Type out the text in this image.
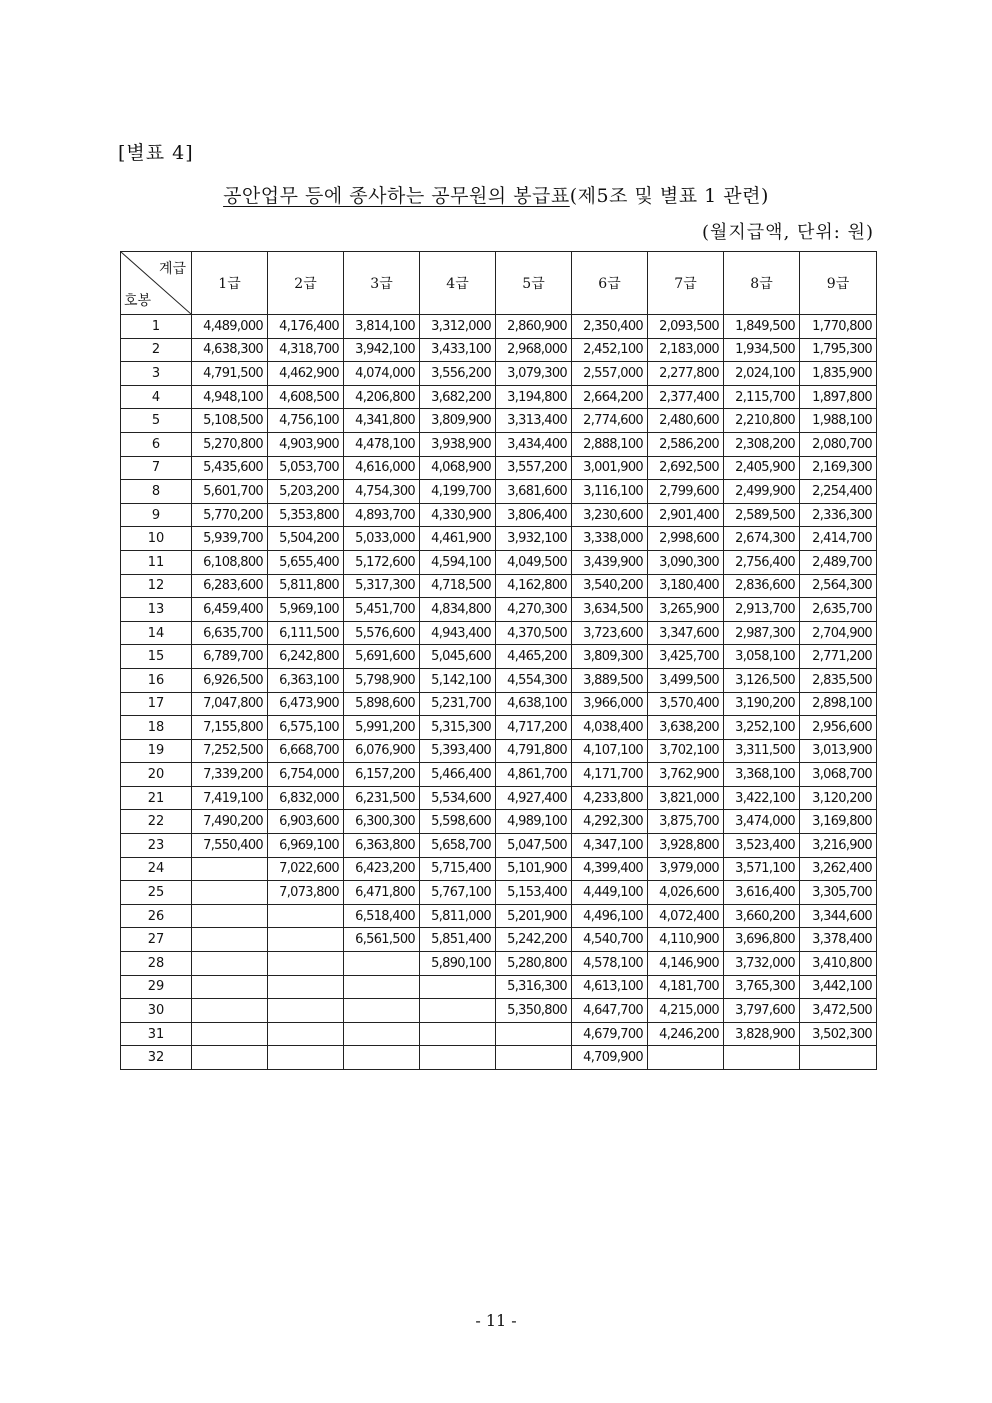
[별표 4]
공안업무 등에 종사하는 공무원의 봉급표(제5조 및 별표 1 관련)
(월지급액, 단위: 원)
계급
호봉	1급	2급	3급	4급	5급	6급	7급	8급	9급
1	4,489,000	4,176,400	3,814,100	3,312,000	2,860,900	2,350,400	2,093,500	1,849,500	1,770,800
2	4,638,300	4,318,700	3,942,100	3,433,100	2,968,000	2,452,100	2,183,000	1,934,500	1,795,300
3	4,791,500	4,462,900	4,074,000	3,556,200	3,079,300	2,557,000	2,277,800	2,024,100	1,835,900
4	4,948,100	4,608,500	4,206,800	3,682,200	3,194,800	2,664,200	2,377,400	2,115,700	1,897,800
5	5,108,500	4,756,100	4,341,800	3,809,900	3,313,400	2,774,600	2,480,600	2,210,800	1,988,100
6	5,270,800	4,903,900	4,478,100	3,938,900	3,434,400	2,888,100	2,586,200	2,308,200	2,080,700
7	5,435,600	5,053,700	4,616,000	4,068,900	3,557,200	3,001,900	2,692,500	2,405,900	2,169,300
8	5,601,700	5,203,200	4,754,300	4,199,700	3,681,600	3,116,100	2,799,600	2,499,900	2,254,400
9	5,770,200	5,353,800	4,893,700	4,330,900	3,806,400	3,230,600	2,901,400	2,589,500	2,336,300
10	5,939,700	5,504,200	5,033,000	4,461,900	3,932,100	3,338,000	2,998,600	2,674,300	2,414,700
11	6,108,800	5,655,400	5,172,600	4,594,100	4,049,500	3,439,900	3,090,300	2,756,400	2,489,700
12	6,283,600	5,811,800	5,317,300	4,718,500	4,162,800	3,540,200	3,180,400	2,836,600	2,564,300
13	6,459,400	5,969,100	5,451,700	4,834,800	4,270,300	3,634,500	3,265,900	2,913,700	2,635,700
14	6,635,700	6,111,500	5,576,600	4,943,400	4,370,500	3,723,600	3,347,600	2,987,300	2,704,900
15	6,789,700	6,242,800	5,691,600	5,045,600	4,465,200	3,809,300	3,425,700	3,058,100	2,771,200
16	6,926,500	6,363,100	5,798,900	5,142,100	4,554,300	3,889,500	3,499,500	3,126,500	2,835,500
17	7,047,800	6,473,900	5,898,600	5,231,700	4,638,100	3,966,000	3,570,400	3,190,200	2,898,100
18	7,155,800	6,575,100	5,991,200	5,315,300	4,717,200	4,038,400	3,638,200	3,252,100	2,956,600
19	7,252,500	6,668,700	6,076,900	5,393,400	4,791,800	4,107,100	3,702,100	3,311,500	3,013,900
20	7,339,200	6,754,000	6,157,200	5,466,400	4,861,700	4,171,700	3,762,900	3,368,100	3,068,700
21	7,419,100	6,832,000	6,231,500	5,534,600	4,927,400	4,233,800	3,821,000	3,422,100	3,120,200
22	7,490,200	6,903,600	6,300,300	5,598,600	4,989,100	4,292,300	3,875,700	3,474,000	3,169,800
23	7,550,400	6,969,100	6,363,800	5,658,700	5,047,500	4,347,100	3,928,800	3,523,400	3,216,900
24		7,022,600	6,423,200	5,715,400	5,101,900	4,399,400	3,979,000	3,571,100	3,262,400
25		7,073,800	6,471,800	5,767,100	5,153,400	4,449,100	4,026,600	3,616,400	3,305,700
26			6,518,400	5,811,000	5,201,900	4,496,100	4,072,400	3,660,200	3,344,600
27			6,561,500	5,851,400	5,242,200	4,540,700	4,110,900	3,696,800	3,378,400
28				5,890,100	5,280,800	4,578,100	4,146,900	3,732,000	3,410,800
29					5,316,300	4,613,100	4,181,700	3,765,300	3,442,100
30					5,350,800	4,647,700	4,215,000	3,797,600	3,472,500
31						4,679,700	4,246,200	3,828,900	3,502,300
32						4,709,900			
- 11 -
